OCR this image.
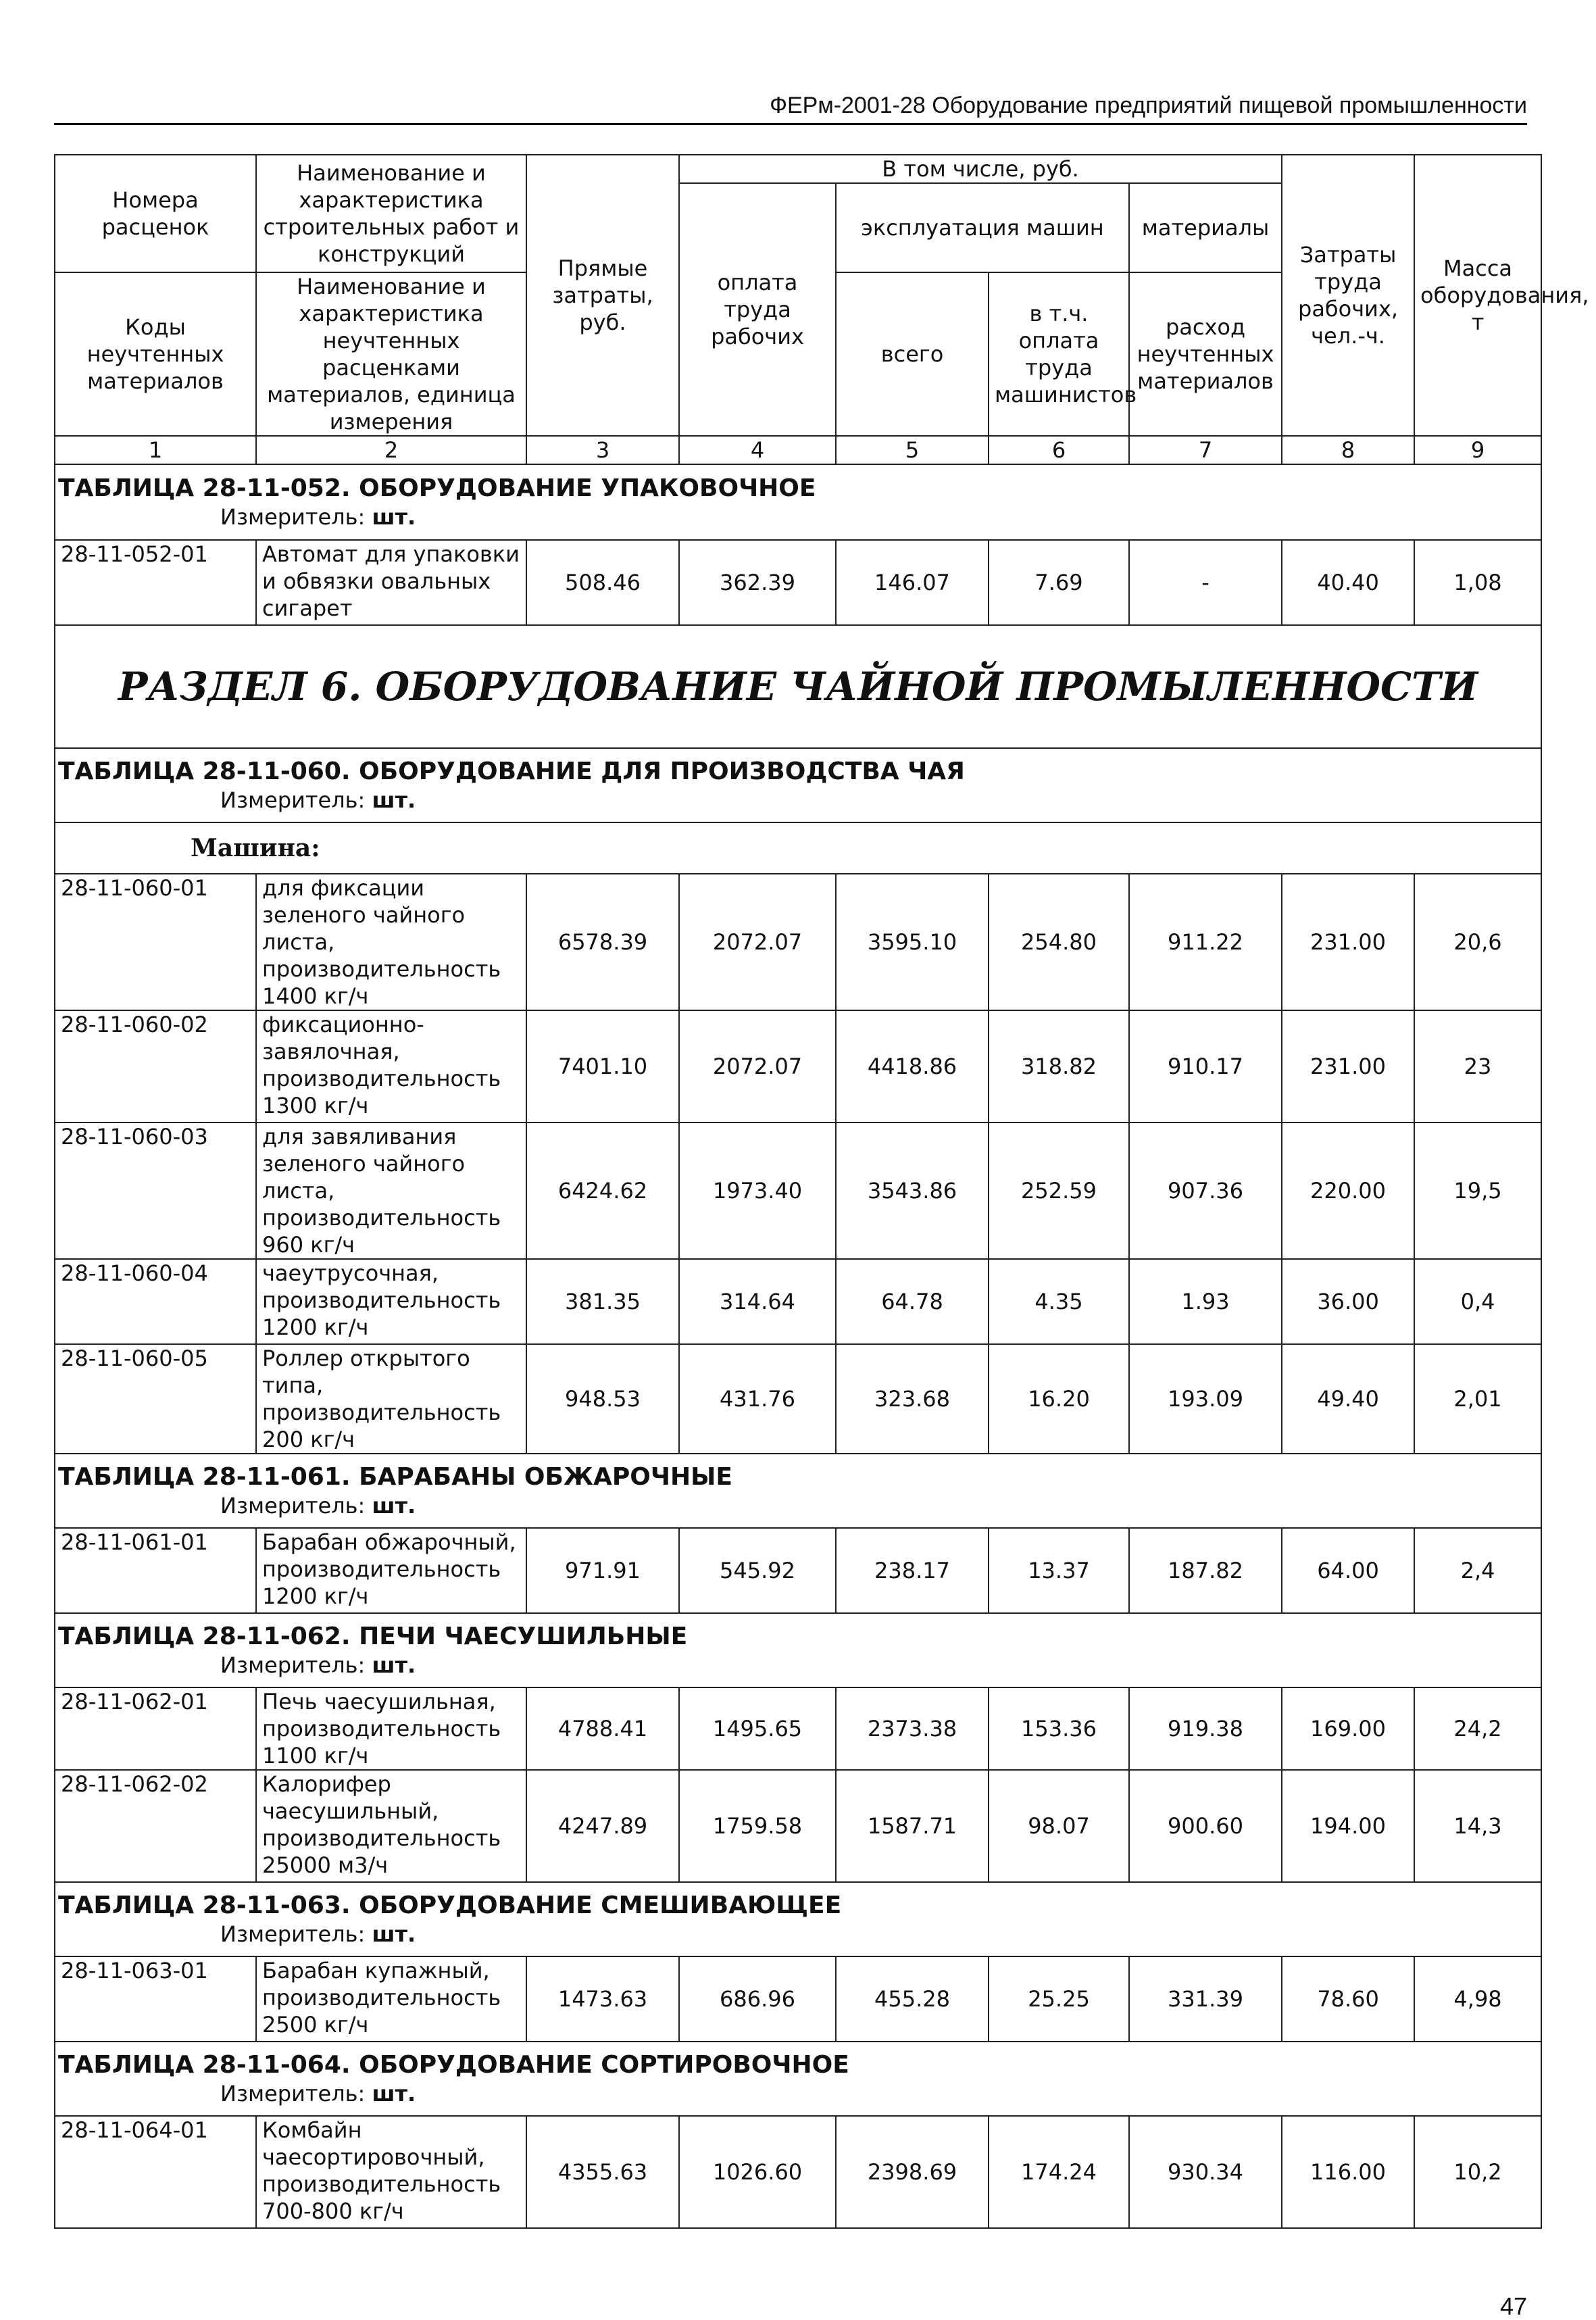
ФЕРм-2001-28 Оборудование предприятий пищевой промышленности
Номера расценок	Наименование и характеристика строительных работ и конструкций	Прямые затраты, руб.	В том числе, руб.				Затраты труда рабочих, чел.-ч.	Масса оборудования, т
			оплата труда рабочих	эксплуатация машин		материалы		
Коды неучтенных материалов	Наименование и характеристика неучтенных расценками материалов, единица измерения			всего	в т.ч. оплата труда машинистов	расход неучтенных материалов		

1	2	3	4	5	6	7	8	9

ТАБЛИЦА 28-11-052. ОБОРУДОВАНИЕ УПАКОВОЧНОЕ
Измеритель: шт.								

28-11-052-01	Автомат для упаковки и обвязки овальных сигарет	508.46	362.39	146.07	7.69	-	40.40	1,08
РАЗДЕЛ 6. ОБОРУДОВАНИЕ ЧАЙНОЙ ПРОМЫЛЕННОСТИ								

ТАБЛИЦА 28-11-060. ОБОРУДОВАНИЕ ДЛЯ ПРОИЗВОДСТВА ЧАЯ
Измеритель: шт.								

Машина:								
28-11-060-01	для фиксации зеленого чайного листа, производительность 1400 кг/ч	6578.39	2072.07	3595.10	254.80	911.22	231.00	20,6
28-11-060-02	фиксационно-завялочная, производительность 1300 кг/ч	7401.10	2072.07	4418.86	318.82	910.17	231.00	23
28-11-060-03	для завяливания зеленого чайного листа, производительность 960 кг/ч	6424.62	1973.40	3543.86	252.59	907.36	220.00	19,5
28-11-060-04	чаеутрусочная, производительность 1200 кг/ч	381.35	314.64	64.78	4.35	1.93	36.00	0,4
28-11-060-05	Роллер открытого типа, производительность 200 кг/ч	948.53	431.76	323.68	16.20	193.09	49.40	2,01

ТАБЛИЦА 28-11-061. БАРАБАНЫ ОБЖАРОЧНЫЕ
Измеритель: шт.								

28-11-061-01	Барабан обжарочный, производительность 1200 кг/ч	971.91	545.92	238.17	13.37	187.82	64.00	2,4

ТАБЛИЦА 28-11-062. ПЕЧИ ЧАЕСУШИЛЬНЫЕ
Измеритель: шт.								

28-11-062-01	Печь чаесушильная, производительность 1100 кг/ч	4788.41	1495.65	2373.38	153.36	919.38	169.00	24,2
28-11-062-02	Калорифер чаесушильный, производительность 25000 м3/ч	4247.89	1759.58	1587.71	98.07	900.60	194.00	14,3

ТАБЛИЦА 28-11-063. ОБОРУДОВАНИЕ СМЕШИВАЮЩЕЕ
Измеритель: шт.								

28-11-063-01	Барабан купажный, производительность 2500 кг/ч	1473.63	686.96	455.28	25.25	331.39	78.60	4,98

ТАБЛИЦА 28-11-064. ОБОРУДОВАНИЕ СОРТИРОВОЧНОЕ
Измеритель: шт.								

28-11-064-01	Комбайн чаесортировочный, производительность 700-800 кг/ч	4355.63	1026.60	2398.69	174.24	930.34	116.00	10,2
47
